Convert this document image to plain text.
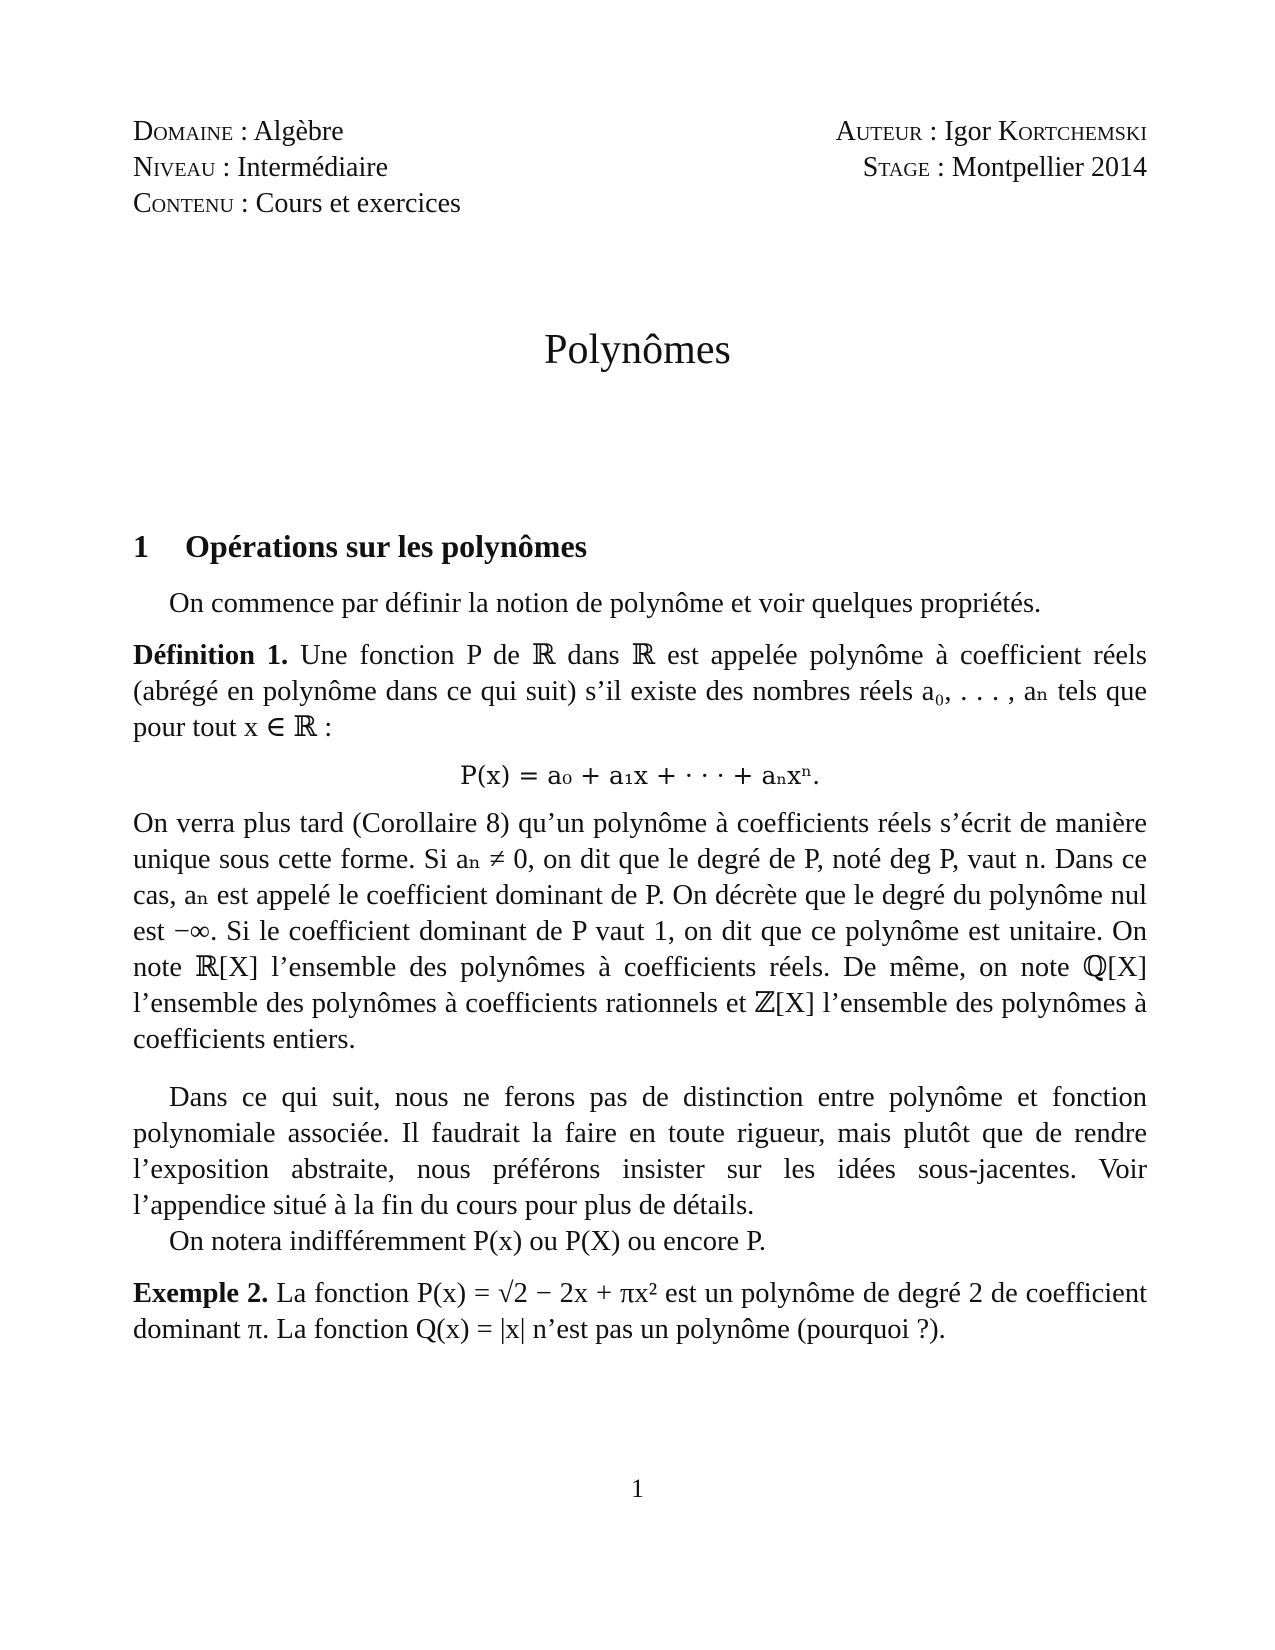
Domaine : Algèbre
Niveau : Intermédiaire
Contenu : Cours et exercices
Auteur : Igor Kortchemski
Stage : Montpellier 2014
Polynômes
1 Opérations sur les polynômes

On commence par définir la notion de polynôme et voir quelques propriétés.

Définition 1. Une fonction P de ℝ dans ℝ est appelée polynôme à coefficient réels (abrégé en polynôme dans ce qui suit) s’il existe des nombres réels a₀, . . . , aₙ tels que pour tout x ∈ ℝ :

P(x) = a₀ + a₁x + · · · + aₙxⁿ.

On verra plus tard (Corollaire 8) qu’un polynôme à coefficients réels s’écrit de manière unique sous cette forme. Si aₙ ≠ 0, on dit que le degré de P, noté deg P, vaut n. Dans ce cas, aₙ est appelé le coefficient dominant de P. On décrète que le degré du polynôme nul est −∞. Si le coefficient dominant de P vaut 1, on dit que ce polynôme est unitaire. On note ℝ[X] l’ensemble des polynômes à coefficients réels. De même, on note ℚ[X] l’ensemble des polynômes à coefficients rationnels et ℤ[X] l’ensemble des polynômes à coefficients entiers.

Dans ce qui suit, nous ne ferons pas de distinction entre polynôme et fonction polynomiale associée. Il faudrait la faire en toute rigueur, mais plutôt que de rendre l’exposition abstraite, nous préférons insister sur les idées sous-jacentes. Voir l’appendice situé à la fin du cours pour plus de détails.

On notera indifféremment P(x) ou P(X) ou encore P.

Exemple 2. La fonction P(x) = √2 − 2x + πx² est un polynôme de degré 2 de coefficient dominant π. La fonction Q(x) = |x| n’est pas un polynôme (pourquoi ?).

1
